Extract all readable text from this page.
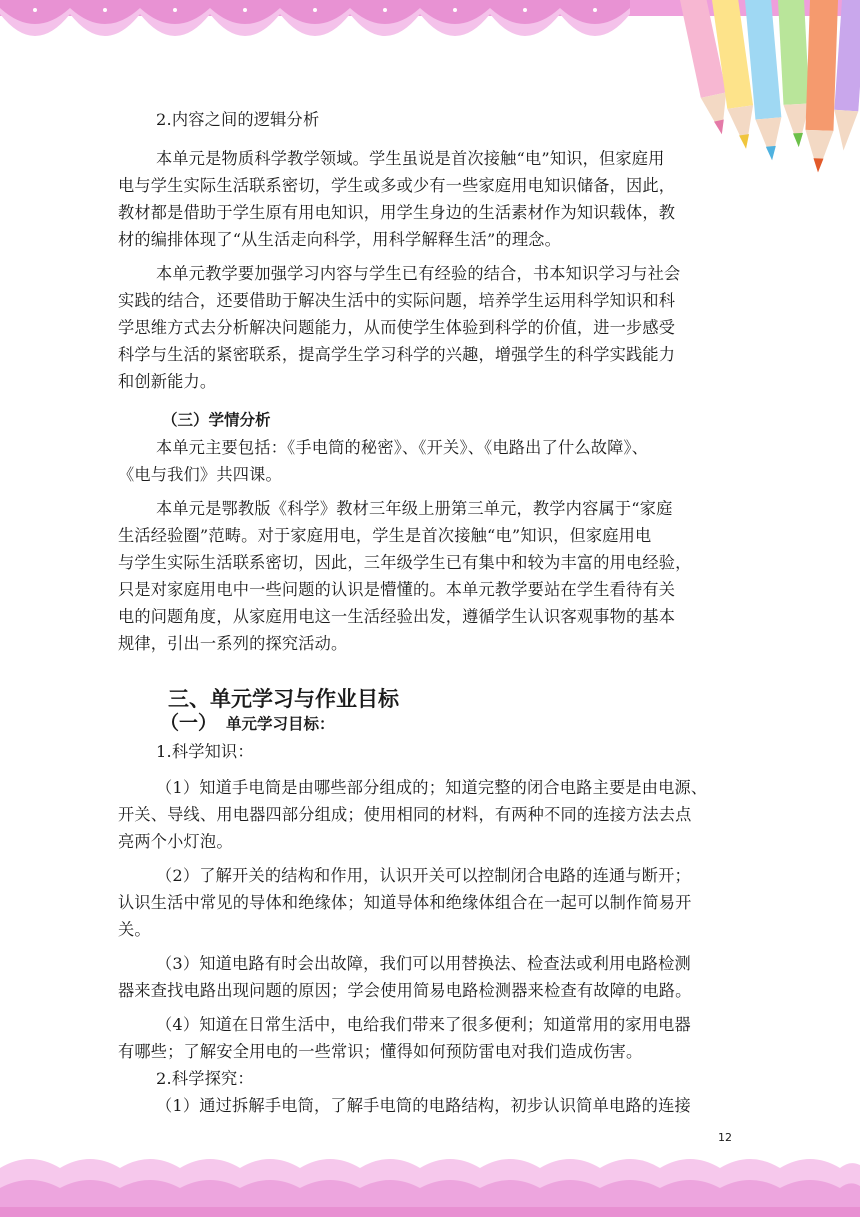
2.内容之间的逻辑分析
本单元是物质科学教学领域。学生虽说是首次接触“电”知识，但家庭用
电与学生实际生活联系密切，学生或多或少有一些家庭用电知识储备，因此，
教材都是借助于学生原有用电知识，用学生身边的生活素材作为知识载体，教
材的编排体现了“从生活走向科学，用科学解释生活”的理念。
本单元教学要加强学习内容与学生已有经验的结合，书本知识学习与社会
实践的结合，还要借助于解决生活中的实际问题，培养学生运用科学知识和科
学思维方式去分析解决问题能力，从而使学生体验到科学的价值，进一步感受
科学与生活的紧密联系，提高学生学习科学的兴趣，增强学生的科学实践能力
和创新能力。
（三）学情分析
本单元主要包括：《手电筒的秘密》、《开关》、《电路出了什么故障》、
《电与我们》共四课。
本单元是鄂教版《科学》教材三年级上册第三单元，教学内容属于“家庭
生活经验圈”范畴。对于家庭用电，学生是首次接触“电”知识，但家庭用电
与学生实际生活联系密切，因此，三年级学生已有集中和较为丰富的用电经验，
只是对家庭用电中一些问题的认识是懵懂的。本单元教学要站在学生看待有关
电的问题角度，从家庭用电这一生活经验出发，遵循学生认识客观事物的基本
规律，引出一系列的探究活动。
三、单元学习与作业目标
（一） 单元学习目标：
1.科学知识：
（1）知道手电筒是由哪些部分组成的；知道完整的闭合电路主要是由电源、
开关、导线、用电器四部分组成；使用相同的材料，有两种不同的连接方法去点
亮两个小灯泡。
（2）了解开关的结构和作用，认识开关可以控制闭合电路的连通与断开；
认识生活中常见的导体和绝缘体；知道导体和绝缘体组合在一起可以制作简易开
关。
（3）知道电路有时会出故障，我们可以用替换法、检查法或利用电路检测
器来查找电路出现问题的原因；学会使用简易电路检测器来检查有故障的电路。
（4）知道在日常生活中，电给我们带来了很多便利；知道常用的家用电器
有哪些；了解安全用电的一些常识；懂得如何预防雷电对我们造成伤害。
2.科学探究：
（1）通过拆解手电筒，了解手电筒的电路结构，初步认识简单电路的连接
12
